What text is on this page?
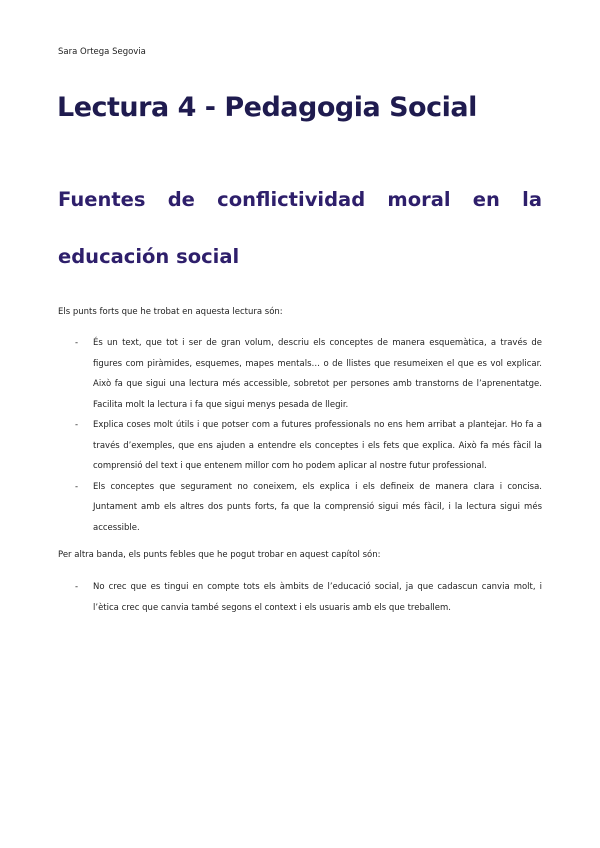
Sara Ortega Segovia
Lectura 4 - Pedagogia Social
Fuentes de conflictividad moral en la
educación social
Els punts forts que he trobat en aquesta lectura són:
- És un text, que tot i ser de gran volum, descriu els conceptes de manera esquemàtica, a través de figures com piràmides, esquemes, mapes mentals… o de llistes que resumeixen el que es vol explicar. Això fa que sigui una lectura més accessible, sobretot per persones amb transtorns de l’aprenentatge. Facilita molt la lectura i fa que sigui menys pesada de llegir.
- Explica coses molt útils i que potser com a futures professionals no ens hem arribat a plantejar. Ho fa a través d’exemples, que ens ajuden a entendre els conceptes i els fets que explica. Això fa més fàcil la comprensió del text i que entenem millor com ho podem aplicar al nostre futur professional.
- Els conceptes que segurament no coneixem, els explica i els defineix de manera clara i concisa. Juntament amb els altres dos punts forts, fa que la comprensió sigui més fàcil, i la lectura sigui més accessible.
Per altra banda, els punts febles que he pogut trobar en aquest capítol són:
- No crec que es tingui en compte tots els àmbits de l’educació social, ja que cadascun canvia molt, i l’ètica crec que canvia també segons el context i els usuaris amb els que treballem.
